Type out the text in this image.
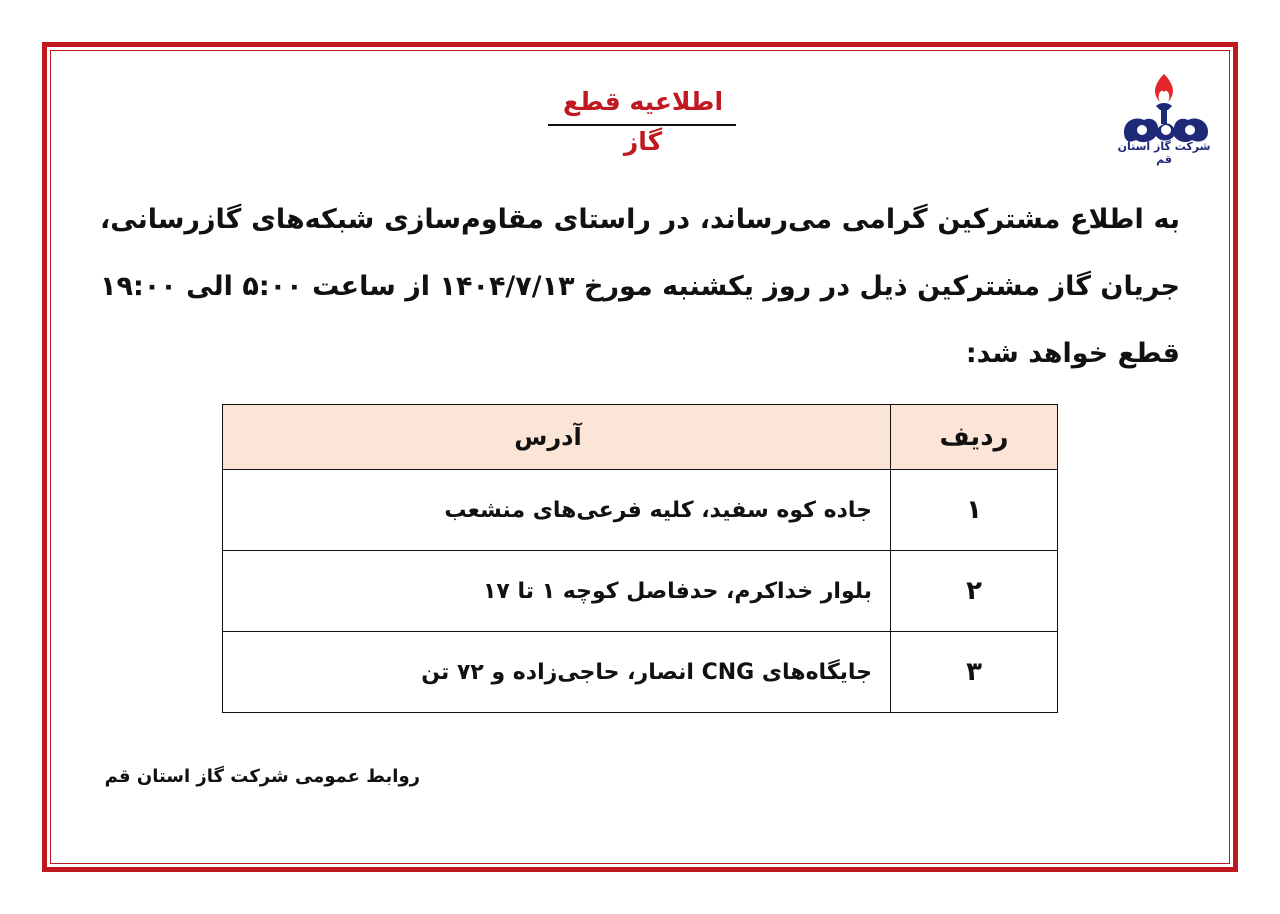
اطلاعیه قطع گاز	شرکت گاز استان قم
به اطلاع مشترکین گرامی می‌رساند، در راستای مقاوم‌سازی شبکه‌های گازرسانی، جریان گاز مشترکین ذیل در روز یکشنبه مورخ ۱۴۰۴/۷/۱۳ از ساعت ۵:۰۰ الی ۱۹:۰۰ قطع خواهد شد:
ردیف	آدرس
۱	جاده کوه سفید، کلیه فرعی‌های منشعب
۲	بلوار خداکرم، حدفاصل کوچه ۱ تا ۱۷
۳	جایگاه‌های CNG انصار، حاجی‌زاده و ۷۲ تن
روابط عمومی شرکت گاز استان قم
